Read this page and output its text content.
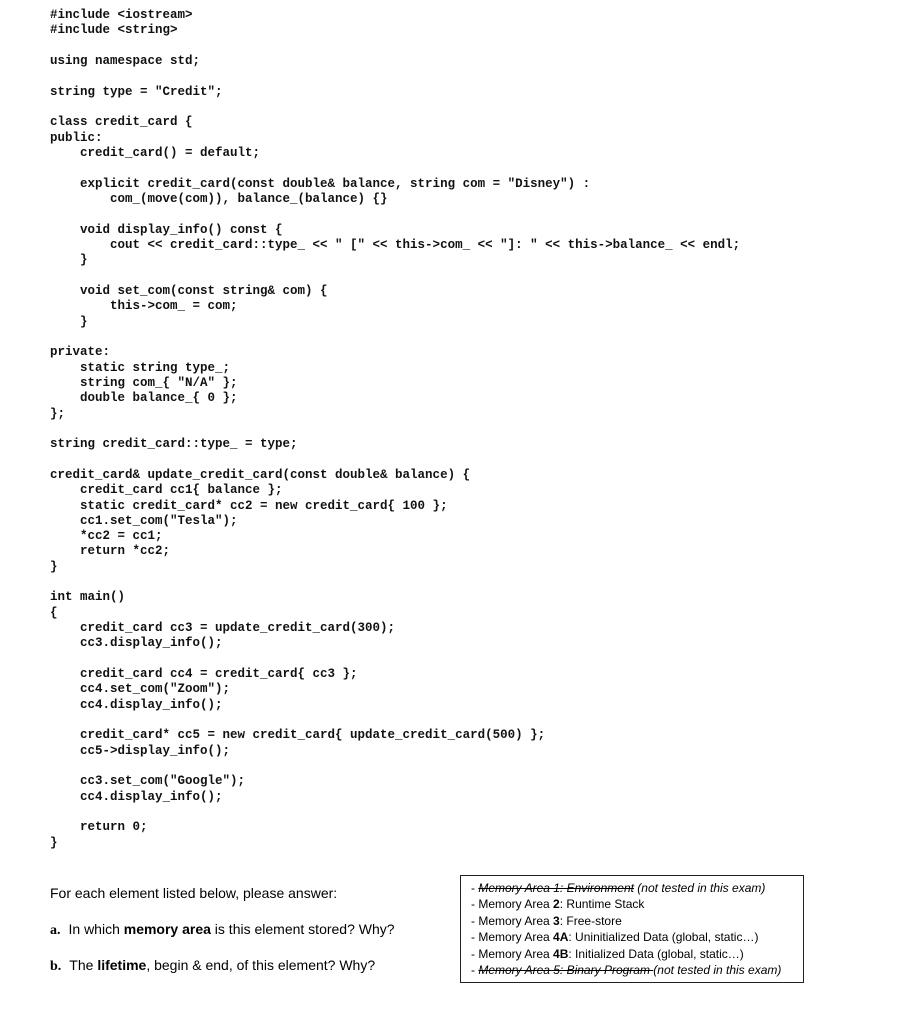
#include <iostream>
#include <string>
using namespace std;
string type = "Credit";
class credit_card {
public:
credit_card() = default;
explicit credit_card(const double& balance, string com = "Disney") :
com_(move(com)), balance_(balance) {}
void display_info() const {
cout << credit_card::type_ << " [" << this->com_ << "]: " << this->balance_ << endl;
}
void set_com(const string& com) {
this->com_ = com;
}
private:
static string type_;
string com_{ "N/A" };
double balance_{ 0 };
};
string credit_card::type_ = type;
credit_card& update_credit_card(const double& balance) {
credit_card cc1{ balance };
static credit_card* cc2 = new credit_card{ 100 };
cc1.set_com("Tesla");
*cc2 = cc1;
return *cc2;
}
int main()
{
credit_card cc3 = update_credit_card(300);
cc3.display_info();
credit_card cc4 = credit_card{ cc3 };
cc4.set_com("Zoom");
cc4.display_info();
credit_card* cc5 = new credit_card{ update_credit_card(500) };
cc5->display_info();
cc3.set_com("Google");
cc4.display_info();
return 0;
}
For each element listed below, please answer:
a. In which memory area is this element stored? Why?
b. The lifetime, begin & end, of this element? Why?
- Memory Area 1: Environment (not tested in this exam)
- Memory Area 2: Runtime Stack
- Memory Area 3: Free-store
- Memory Area 4A: Uninitialized Data (global, static…)
- Memory Area 4B: Initialized Data (global, static…)
- Memory Area 5: Binary Program (not tested in this exam)
